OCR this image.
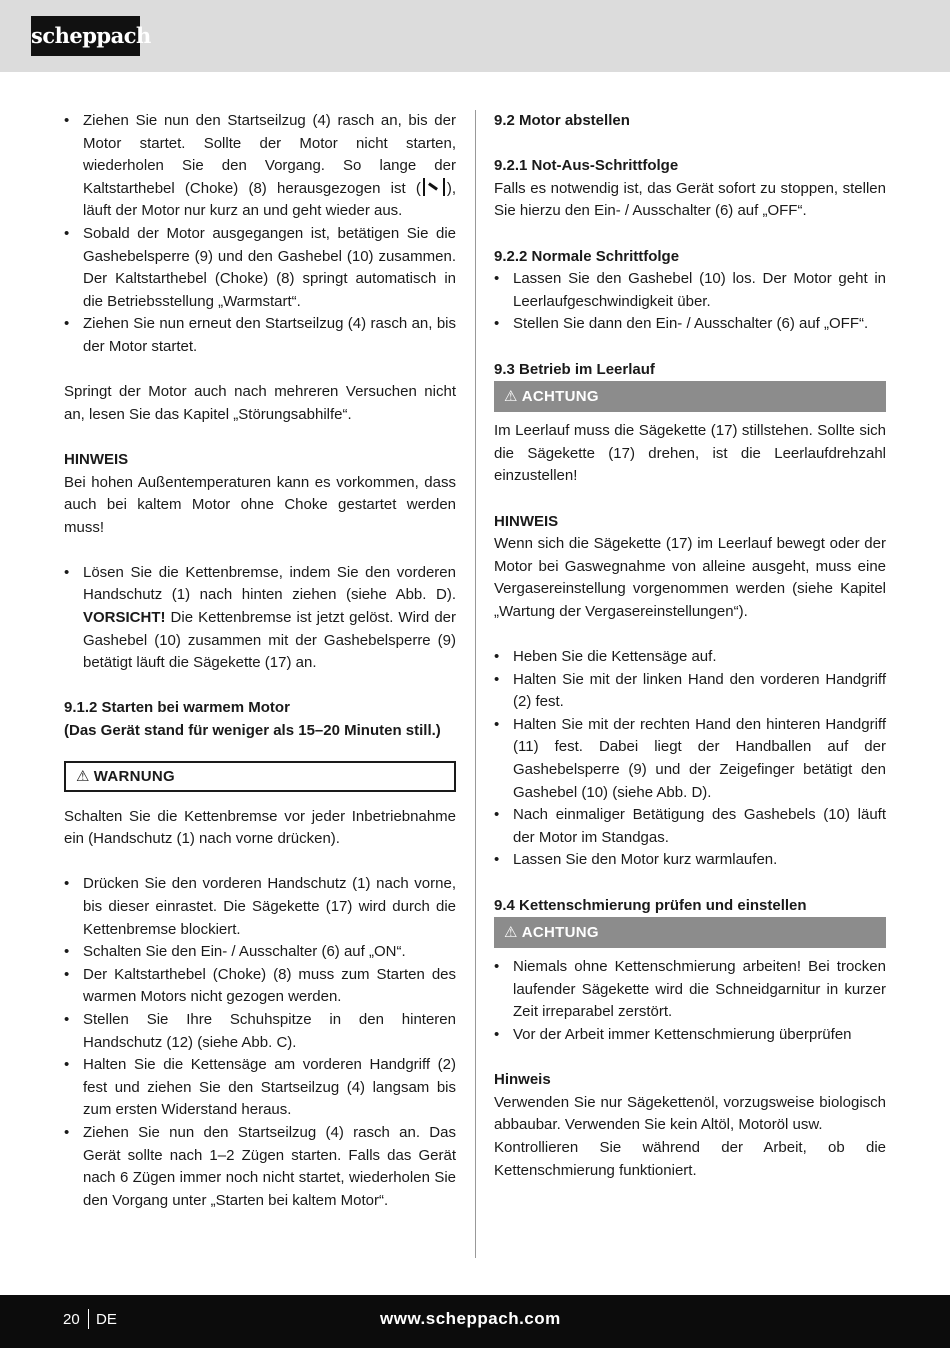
scheppach
• Ziehen Sie nun den Startseilzug (4) rasch an, bis der Motor startet. Sollte der Motor nicht starten, wiederholen Sie den Vorgang. So lange der Kaltstarthebel (Choke) (8) herausgezogen ist ( ), läuft der Motor nur kurz an und geht wieder aus.
• Sobald der Motor ausgegangen ist, betätigen Sie die Gashebelsperre (9) und den Gashebel (10) zusammen. Der Kaltstarthebel (Choke) (8) springt automatisch in die Betriebsstellung „Warmstart“.
• Ziehen Sie nun erneut den Startseilzug (4) rasch an, bis der Motor startet.

Springt der Motor auch nach mehreren Versuchen nicht an, lesen Sie das Kapitel „Störungsabhilfe“.

HINWEIS

Bei hohen Außentemperaturen kann es vorkommen, dass auch bei kaltem Motor ohne Choke gestartet werden muss!

• Lösen Sie die Kettenbremse, indem Sie den vorderen Handschutz (1) nach hinten ziehen (siehe Abb. D). VORSICHT! Die Kettenbremse ist jetzt gelöst. Wird der Gashebel (10) zusammen mit der Gashebelsperre (9) betätigt läuft die Sägekette (17) an.

9.1.2 Starten bei warmem Motor

(Das Gerät stand für weniger als 15–20 Minuten still.)

⚠ WARNUNG

Schalten Sie die Kettenbremse vor jeder Inbetriebnahme ein (Handschutz (1) nach vorne drücken).

• Drücken Sie den vorderen Handschutz (1) nach vorne, bis dieser einrastet. Die Sägekette (17) wird durch die Kettenbremse blockiert.
• Schalten Sie den Ein- / Ausschalter (6) auf „ON“.
• Der Kaltstarthebel (Choke) (8) muss zum Starten des warmen Motors nicht gezogen werden.
• Stellen Sie Ihre Schuhspitze in den hinteren Handschutz (12) (siehe Abb. C).
• Halten Sie die Kettensäge am vorderen Handgriff (2) fest und ziehen Sie den Startseilzug (4) langsam bis zum ersten Widerstand heraus.
• Ziehen Sie nun den Startseilzug (4) rasch an. Das Gerät sollte nach 1–2 Zügen starten. Falls das Gerät nach 6 Zügen immer noch nicht startet, wiederholen Sie den Vorgang unter „Starten bei kaltem Motor“.

9.2 Motor abstellen

9.2.1 Not-Aus-Schrittfolge

Falls es notwendig ist, das Gerät sofort zu stoppen, stellen Sie hierzu den Ein- / Ausschalter (6) auf „OFF“.

9.2.2 Normale Schrittfolge

• Lassen Sie den Gashebel (10) los. Der Motor geht in Leerlaufgeschwindigkeit über.
• Stellen Sie dann den Ein- / Ausschalter (6) auf „OFF“.

9.3 Betrieb im Leerlauf

⚠ ACHTUNG

Im Leerlauf muss die Sägekette (17) stillstehen. Sollte sich die Sägekette (17) drehen, ist die Leerlaufdrehzahl einzustellen!

HINWEIS

Wenn sich die Sägekette (17) im Leerlauf bewegt oder der Motor bei Gaswegnahme von alleine ausgeht, muss eine Vergasereinstellung vorgenommen werden (siehe Kapitel „Wartung der Vergasereinstellungen“).

• Heben Sie die Kettensäge auf.
• Halten Sie mit der linken Hand den vorderen Handgriff (2) fest.
• Halten Sie mit der rechten Hand den hinteren Handgriff (11) fest. Dabei liegt der Handballen auf der Gashebelsperre (9) und der Zeigefinger betätigt den Gashebel (10) (siehe Abb. D).
• Nach einmaliger Betätigung des Gashebels (10) läuft der Motor im Standgas.
• Lassen Sie den Motor kurz warmlaufen.

9.4 Kettenschmierung prüfen und einstellen

⚠ ACHTUNG
• Niemals ohne Kettenschmierung arbeiten! Bei trocken laufender Sägekette wird die Schneidgarnitur in kurzer Zeit irreparabel zerstört.
• Vor der Arbeit immer Kettenschmierung überprüfen

Hinweis

Verwenden Sie nur Sägekettenöl, vorzugsweise biologisch abbaubar. Verwenden Sie kein Altöl, Motoröl usw.

Kontrollieren Sie während der Arbeit, ob die Kettenschmierung funktioniert.

20 DE	www.scheppach.com
